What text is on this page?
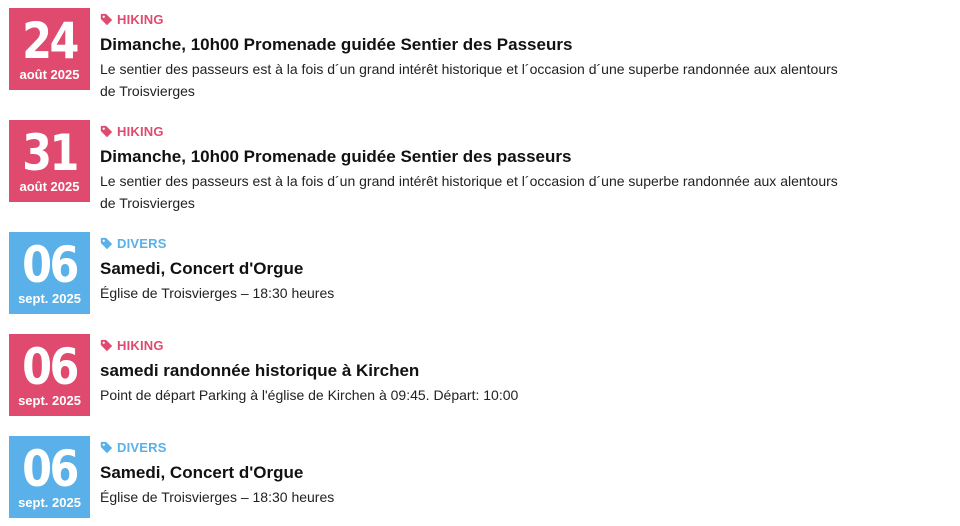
24
août 2025
HIKING
Dimanche, 10h00 Promenade guidée Sentier des Passeurs
Le sentier des passeurs est à la fois d´un grand intérêt historique et l´occasion d´une superbe randonnée aux alentours de Troisvierges
31
août 2025
HIKING
Dimanche, 10h00 Promenade guidée Sentier des passeurs
Le sentier des passeurs est à la fois d´un grand intérêt historique et l´occasion d´une superbe randonnée aux alentours de Troisvierges
06
sept. 2025
DIVERS
Samedi, Concert d'Orgue
Église de Troisvierges – 18:30 heures
06
sept. 2025
HIKING
samedi randonnée historique à Kirchen
Point de départ Parking à l'église de Kirchen à 09:45. Départ: 10:00
06
sept. 2025
DIVERS
Samedi, Concert d'Orgue
Église de Troisvierges – 18:30 heures
